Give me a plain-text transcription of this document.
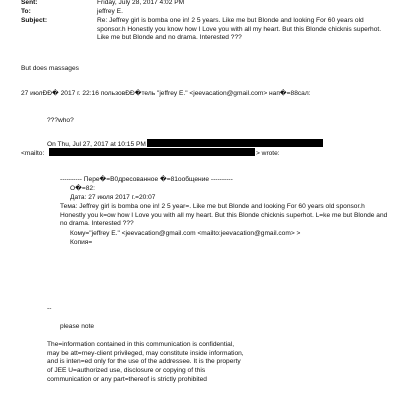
Sent:	Friday, July 28, 2017 4:02 PM
To:	jeffrey E.
Subject:	Re: Jeffrey girl is bomba one in! 2 5 years. Like me but Blonde and looking For 60 years old sponsor.h Honestly you know how I Love you with all my heart. But this Blonde chicknis superhot. Like me but Blonde and no drama. Interested ???
But does massages
27 июлÐÐ� 2017 г. 22:16 пользовÐÐ�тель "jeffrey E." <jeevacation@gmail.com> нап�=88сал:
???who?
On Thu, Jul 27, 2017 at 10:15 PM
<mailto:	> wrote:
---------- Пере�=B0дресованное �=81ообщение ----------
О�=82:
Дата: 27 июля 2017 г.=20:07
Тема: Jeffrey girl is bomba one in! 2 5 year=. Like me but Blonde and looking For 60 years old sponsor.h Honestly you k=ow how I Love you with all my heart. But this Blonde chicknis superhot. L=ke me but Blonde and no drama. Interested ???
Кому="jeffrey E." <jeevacation@gmail.com <mailto:jeevacation@gmail.com> >
Копия=
--
please note
The=information contained in this communication is confidential, may be att=rney-client privileged, may constitute inside information, and is inten=ed only for the use of the addressee. It is the property of JEE U=authorized use, disclosure or copying of this communication or any part=thereof is strictly prohibited
